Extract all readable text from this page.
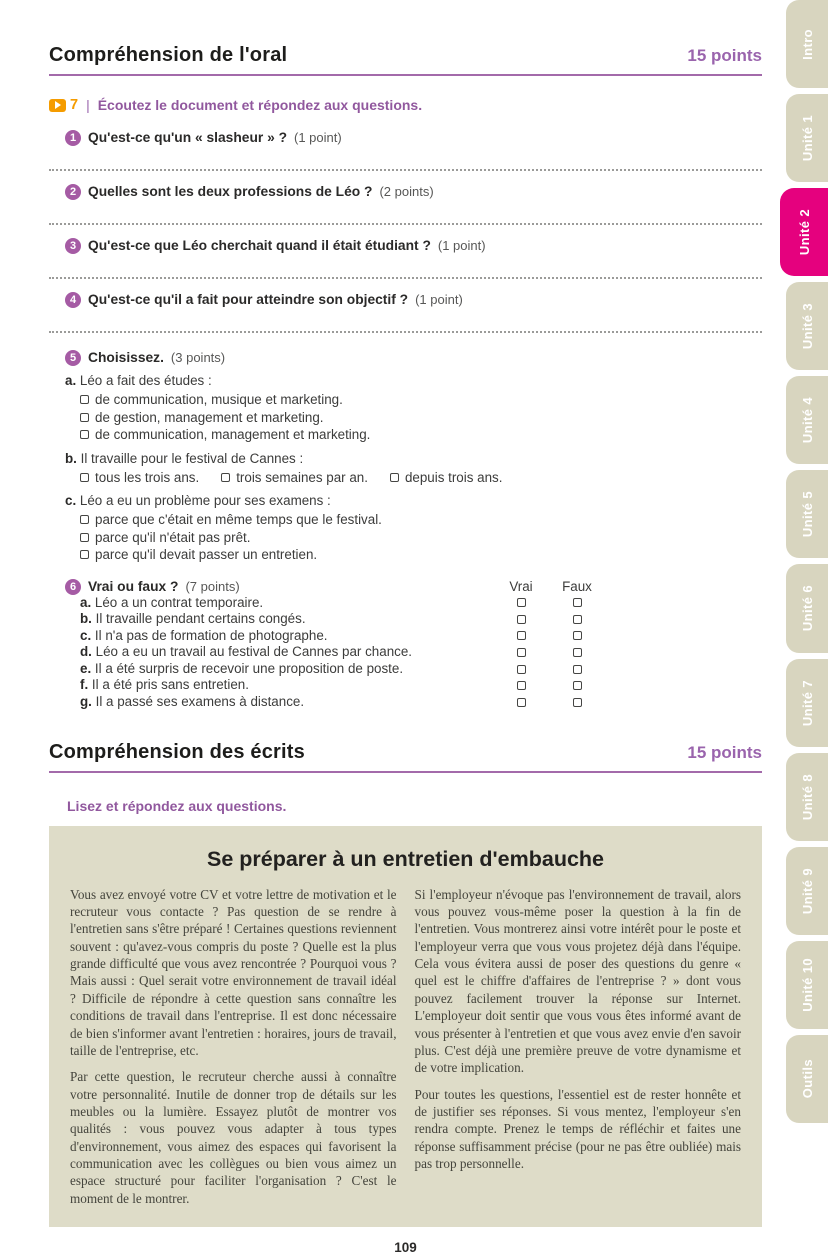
Compréhension de l'oral	15 points
7 | Écoutez le document et répondez aux questions.
1 Qu'est-ce qu'un « slasheur » ? (1 point)
2 Quelles sont les deux professions de Léo ? (2 points)
3 Qu'est-ce que Léo cherchait quand il était étudiant ? (1 point)
4 Qu'est-ce qu'il a fait pour atteindre son objectif ? (1 point)
5 Choisissez. (3 points)
a. Léo a fait des études :
de communication, musique et marketing.
de gestion, management et marketing.
de communication, management et marketing.
b. Il travaille pour le festival de Cannes :
tous les trois ans.	trois semaines par an.	depuis trois ans.
c. Léo a eu un problème pour ses examens :
parce que c'était en même temps que le festival.
parce qu'il n'était pas prêt.
parce qu'il devait passer un entretien.
6 Vrai ou faux ? (7 points)	Vrai	Faux
a. Léo a un contrat temporaire.
b. Il travaille pendant certains congés.
c. Il n'a pas de formation de photographe.
d. Léo a eu un travail au festival de Cannes par chance.
e. Il a été surpris de recevoir une proposition de poste.
f. Il a été pris sans entretien.
g. Il a passé ses examens à distance.
Compréhension des écrits	15 points
Lisez et répondez aux questions.
Se préparer à un entretien d'embauche

Vous avez envoyé votre CV et votre lettre de motivation et le recruteur vous contacte ? Pas question de se rendre à l'entretien sans s'être préparé ! Certaines questions reviennent souvent : qu'avez-vous compris du poste ? Quelle est la plus grande difficulté que vous avez rencontrée ? Pourquoi vous ? Mais aussi : Quel serait votre environnement de travail idéal ? Difficile de répondre à cette question sans connaître les conditions de travail dans l'entreprise. Il est donc nécessaire de bien s'informer avant l'entretien : horaires, jours de travail, taille de l'entreprise, etc.

Par cette question, le recruteur cherche aussi à connaître votre personnalité. Inutile de donner trop de détails sur les meubles ou la lumière. Essayez plutôt de montrer vos qualités : vous pouvez vous adapter à tous types d'environnement, vous aimez des espaces qui favorisent la communication avec les collègues ou bien vous aimez un espace structuré pour faciliter l'organisation ? C'est le moment de le montrer.

Si l'employeur n'évoque pas l'environnement de travail, alors vous pouvez vous-même poser la question à la fin de l'entretien. Vous montrerez ainsi votre intérêt pour le poste et l'employeur verra que vous vous projetez déjà dans l'équipe. Cela vous évitera aussi de poser des questions du genre « quel est le chiffre d'affaires de l'entreprise ? » dont vous pouvez facilement trouver la réponse sur Internet. L'employeur doit sentir que vous vous êtes informé avant de vous présenter à l'entretien et que vous avez envie d'en savoir plus. C'est déjà une première preuve de votre dynamisme et de votre implication.

Pour toutes les questions, l'essentiel est de rester honnête et de justifier ses réponses. Si vous mentez, l'employeur s'en rendra compte. Prenez le temps de réfléchir et faites une réponse suffisamment précise (pour ne pas être oubliée) mais pas trop personnelle.

109
Intro
Unité 1
Unité 2
Unité 3
Unité 4
Unité 5
Unité 6
Unité 7
Unité 8
Unité 9
Unité 10
Outils
